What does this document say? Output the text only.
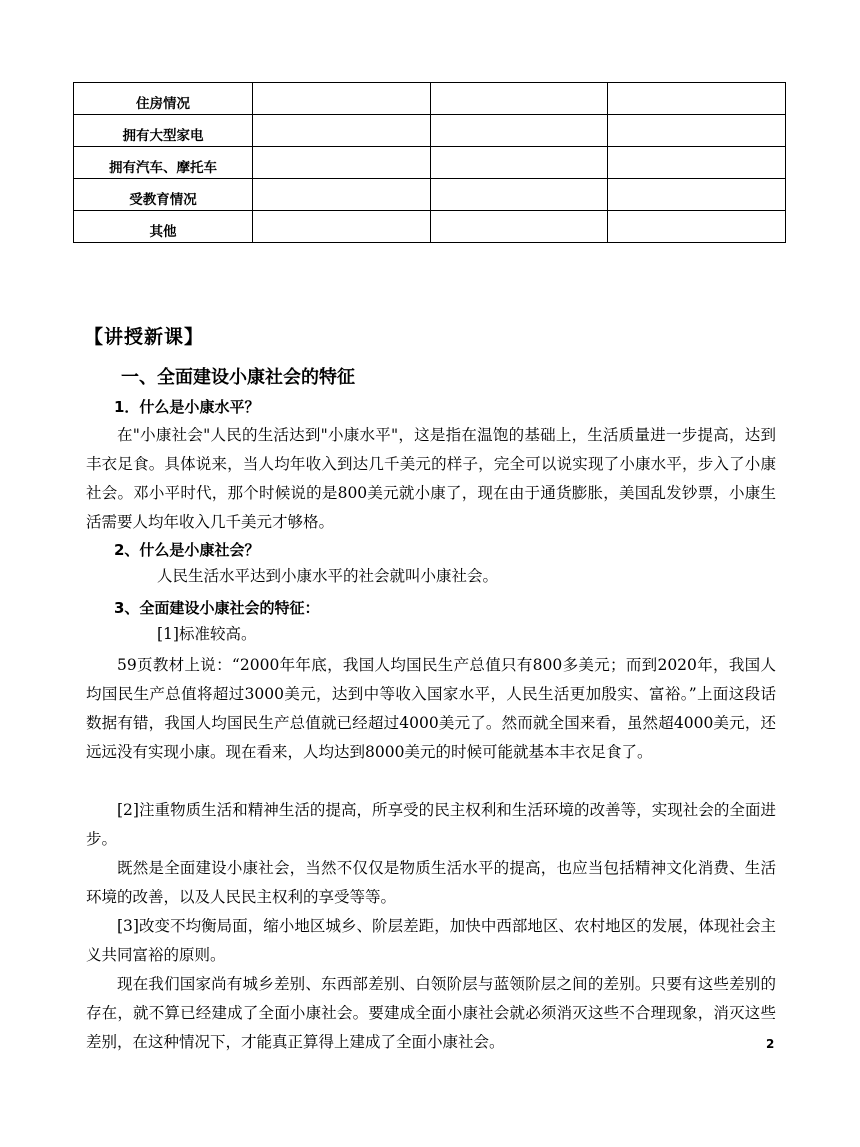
住房情况			
拥有大型家电			
拥有汽车、摩托车			
受教育情况			
其他			
【讲授新课】
一、全面建设小康社会的特征
1．什么是小康水平？
在"小康社会"人民的生活达到"小康水平"，这是指在温饱的基础上，生活质量进一步提高，达到丰衣足食。具体说来，当人均年收入到达几千美元的样子，完全可以说实现了小康水平，步入了小康社会。邓小平时代，那个时候说的是800美元就小康了，现在由于通货膨胀，美国乱发钞票，小康生活需要人均年收入几千美元才够格。
2、什么是小康社会？
人民生活水平达到小康水平的社会就叫小康社会。
3、全面建设小康社会的特征：
[1]标准较高。
59页教材上说：“2000年年底，我国人均国民生产总值只有800多美元；而到2020年，我国人均国民生产总值将超过3000美元，达到中等收入国家水平，人民生活更加殷实、富裕。”上面这段话数据有错，我国人均国民生产总值就已经超过4000美元了。然而就全国来看，虽然超4000美元，还远远没有实现小康。现在看来，人均达到8000美元的时候可能就基本丰衣足食了。
[2]注重物质生活和精神生活的提高，所享受的民主权利和生活环境的改善等，实现社会的全面进步。
既然是全面建设小康社会，当然不仅仅是物质生活水平的提高，也应当包括精神文化消费、生活环境的改善，以及人民民主权利的享受等等。
[3]改变不均衡局面，缩小地区城乡、阶层差距，加快中西部地区、农村地区的发展，体现社会主义共同富裕的原则。
现在我们国家尚有城乡差别、东西部差别、白领阶层与蓝领阶层之间的差别。只要有这些差别的存在，就不算已经建成了全面小康社会。要建成全面小康社会就必须消灭这些不合理现象，消灭这些差别，在这种情况下，才能真正算得上建成了全面小康社会。	2
